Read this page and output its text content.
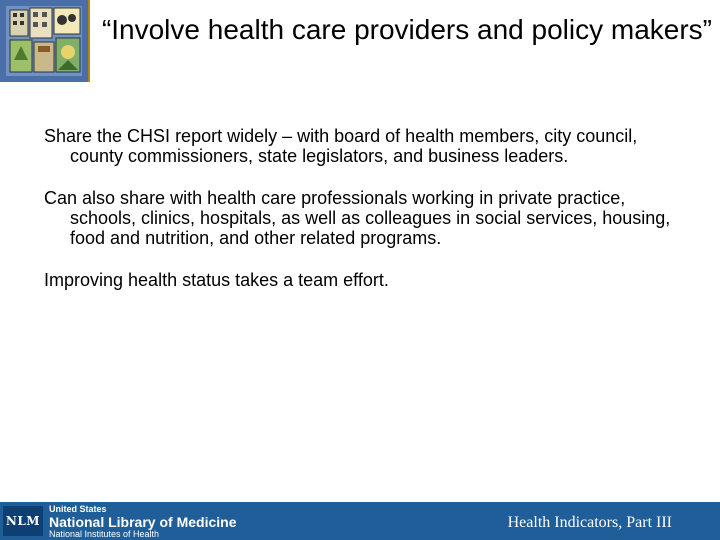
“Involve health care providers and policy makers”

Share the CHSI report widely – with board of health members, city council, county commissioners, state legislators, and business leaders.

Can also share with health care professionals working in private practice, schools, clinics, hospitals, as well as colleagues in social services, housing, food and nutrition, and other related programs.

Improving health status takes a team effort.

NLM
United States
National Library of Medicine
National Institutes of Health
Health Indicators, Part III
